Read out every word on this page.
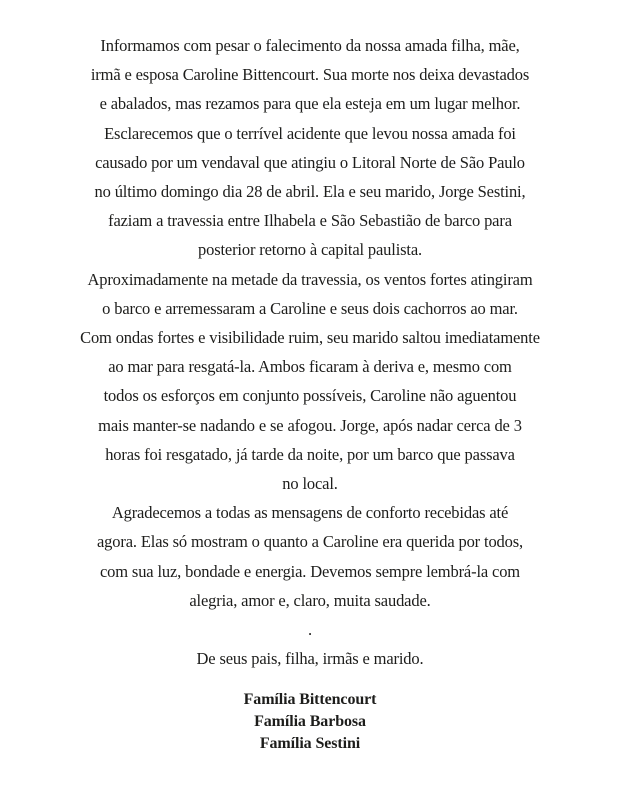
Informamos com pesar o falecimento da nossa amada filha, mãe,
irmã e esposa Caroline Bittencourt. Sua morte nos deixa devastados
e abalados, mas rezamos para que ela esteja em um lugar melhor.
Esclarecemos que o terrível acidente que levou nossa amada foi
causado por um vendaval que atingiu o Litoral Norte de São Paulo
no último domingo dia 28 de abril. Ela e seu marido, Jorge Sestini,
faziam a travessia entre Ilhabela e São Sebastião de barco para
posterior retorno à capital paulista.
Aproximadamente na metade da travessia, os ventos fortes atingiram
o barco e arremessaram a Caroline e seus dois cachorros ao mar.
Com ondas fortes e visibilidade ruim, seu marido saltou imediatamente
ao mar para resgatá-la. Ambos ficaram à deriva e, mesmo com
todos os esforços em conjunto possíveis, Caroline não aguentou
mais manter-se nadando e se afogou. Jorge, após nadar cerca de 3
horas foi resgatado, já tarde da noite, por um barco que passava
no local.
Agradecemos a todas as mensagens de conforto recebidas até
agora. Elas só mostram o quanto a Caroline era querida por todos,
com sua luz, bondade e energia. Devemos sempre lembrá-la com
alegria, amor e, claro, muita saudade.
.
De seus pais, filha, irmãs e marido.
Família Bittencourt
Família Barbosa
Família Sestini
